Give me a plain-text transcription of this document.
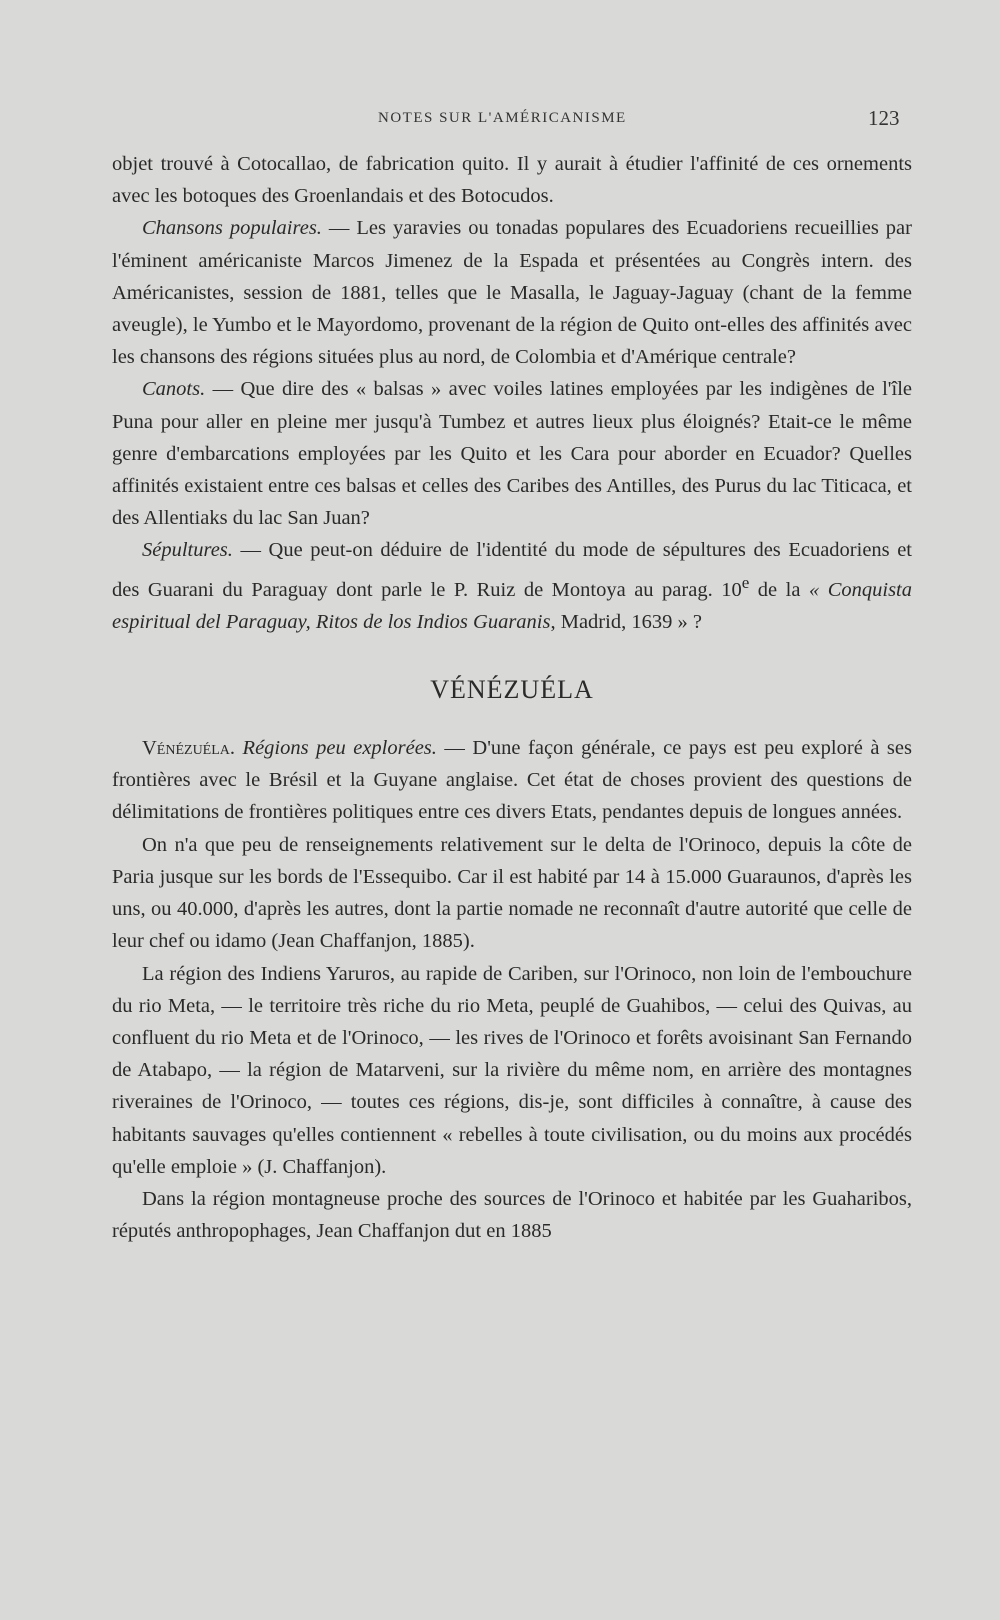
NOTES SUR L'AMÉRICANISME	123

objet trouvé à Cotocallao, de fabrication quito. Il y aurait à étudier l'affinité de ces ornements avec les botoques des Groenlandais et des Botocudos.

Chansons populaires. — Les yaravies ou tonadas populares des Ecuadoriens recueillies par l'éminent américaniste Marcos Jimenez de la Espada et présentées au Congrès intern. des Américanistes, session de 1881, telles que le Masalla, le Jaguay-Jaguay (chant de la femme aveugle), le Yumbo et le Mayordomo, provenant de la région de Quito ont-elles des affinités avec les chansons des régions situées plus au nord, de Colombia et d'Amérique centrale?

Canots. — Que dire des « balsas » avec voiles latines employées par les indigènes de l'île Puna pour aller en pleine mer jusqu'à Tumbez et autres lieux plus éloignés? Etait-ce le même genre d'embarcations employées par les Quito et les Cara pour aborder en Ecuador? Quelles affinités existaient entre ces balsas et celles des Caribes des Antilles, des Purus du lac Titicaca, et des Allentiaks du lac San Juan?

Sépultures. — Que peut-on déduire de l'identité du mode de sépultures des Ecuadoriens et des Guarani du Paraguay dont parle le P. Ruiz de Montoya au parag. 10e de la « Conquista espiritual del Paraguay, Ritos de los Indios Guaranis, Madrid, 1639 » ?

VÉNÉZUÉLA

Vénézuéla. Régions peu explorées. — D'une façon générale, ce pays est peu exploré à ses frontières avec le Brésil et la Guyane anglaise. Cet état de choses provient des questions de délimitations de frontières politiques entre ces divers Etats, pendantes depuis de longues années.

On n'a que peu de renseignements relativement sur le delta de l'Orinoco, depuis la côte de Paria jusque sur les bords de l'Essequibo. Car il est habité par 14 à 15.000 Guaraunos, d'après les uns, ou 40.000, d'après les autres, dont la partie nomade ne reconnaît d'autre autorité que celle de leur chef ou idamo (Jean Chaffanjon, 1885).

La région des Indiens Yaruros, au rapide de Cariben, sur l'Orinoco, non loin de l'embouchure du rio Meta, — le territoire très riche du rio Meta, peuplé de Guahibos, — celui des Quivas, au confluent du rio Meta et de l'Orinoco, — les rives de l'Orinoco et forêts avoisinant San Fernando de Atabapo, — la région de Matarveni, sur la rivière du même nom, en arrière des montagnes riveraines de l'Orinoco, — toutes ces régions, dis-je, sont difficiles à connaître, à cause des habitants sauvages qu'elles contiennent « rebelles à toute civilisation, ou du moins aux procédés qu'elle emploie » (J. Chaffanjon).

Dans la région montagneuse proche des sources de l'Orinoco et habitée par les Guaharibos, réputés anthropophages, Jean Chaffanjon dut en 1885
